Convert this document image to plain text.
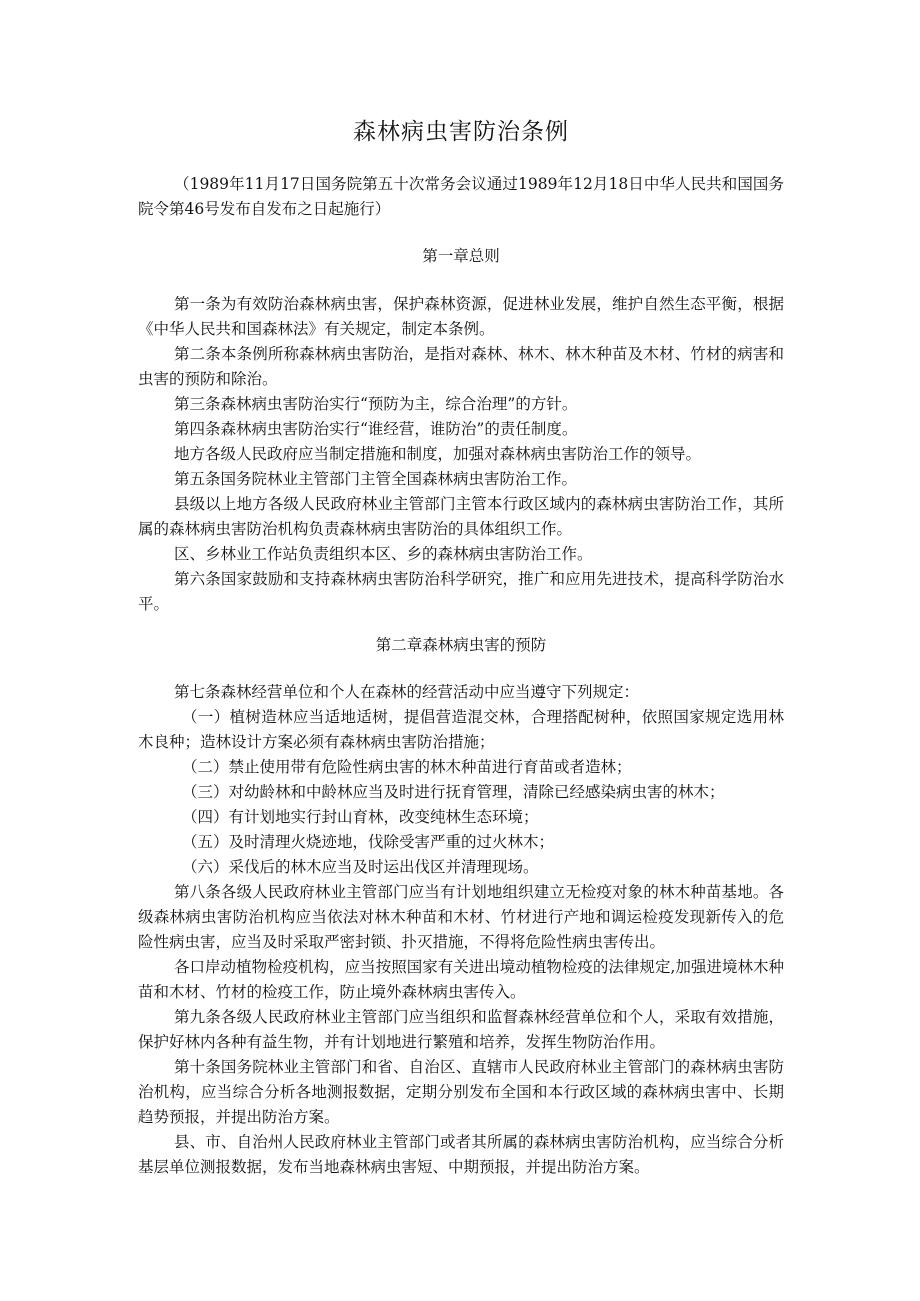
森林病虫害防治条例

（1989年11月17日国务院第五十次常务会议通过1989年12月18日中华人民共和国国务院令第46号发布自发布之日起施行）

第一章总则

第一条为有效防治森林病虫害，保护森林资源，促进林业发展，维护自然生态平衡，根据《中华人民共和国森林法》有关规定，制定本条例。

第二条本条例所称森林病虫害防治，是指对森林、林木、林木种苗及木材、竹材的病害和虫害的预防和除治。

第三条森林病虫害防治实行“预防为主，综合治理”的方针。

第四条森林病虫害防治实行“谁经营，谁防治”的责任制度。

地方各级人民政府应当制定措施和制度，加强对森林病虫害防治工作的领导。

第五条国务院林业主管部门主管全国森林病虫害防治工作。

县级以上地方各级人民政府林业主管部门主管本行政区域内的森林病虫害防治工作，其所属的森林病虫害防治机构负责森林病虫害防治的具体组织工作。

区、乡林业工作站负责组织本区、乡的森林病虫害防治工作。

第六条国家鼓励和支持森林病虫害防治科学研究，推广和应用先进技术，提高科学防治水平。

第二章森林病虫害的预防

第七条森林经营单位和个人在森林的经营活动中应当遵守下列规定：

（一）植树造林应当适地适树，提倡营造混交林，合理搭配树种，依照国家规定选用林木良种；造林设计方案必须有森林病虫害防治措施；

（二）禁止使用带有危险性病虫害的林木种苗进行育苗或者造林；

（三）对幼龄林和中龄林应当及时进行抚育管理，清除已经感染病虫害的林木；

（四）有计划地实行封山育林，改变纯林生态环境；

（五）及时清理火烧迹地，伐除受害严重的过火林木；

（六）采伐后的林木应当及时运出伐区并清理现场。

第八条各级人民政府林业主管部门应当有计划地组织建立无检疫对象的林木种苗基地。各级森林病虫害防治机构应当依法对林木种苗和木材、竹材进行产地和调运检疫发现新传入的危险性病虫害，应当及时采取严密封锁、扑灭措施，不得将危险性病虫害传出。

各口岸动植物检疫机构，应当按照国家有关进出境动植物检疫的法律规定,加强进境林木种苗和木材、竹材的检疫工作，防止境外森林病虫害传入。

第九条各级人民政府林业主管部门应当组织和监督森林经营单位和个人，采取有效措施，保护好林内各种有益生物，并有计划地进行繁殖和培养，发挥生物防治作用。

第十条国务院林业主管部门和省、自治区、直辖市人民政府林业主管部门的森林病虫害防治机构，应当综合分析各地测报数据，定期分别发布全国和本行政区域的森林病虫害中、长期趋势预报，并提出防治方案。

县、市、自治州人民政府林业主管部门或者其所属的森林病虫害防治机构，应当综合分析基层单位测报数据，发布当地森林病虫害短、中期预报，并提出防治方案。
